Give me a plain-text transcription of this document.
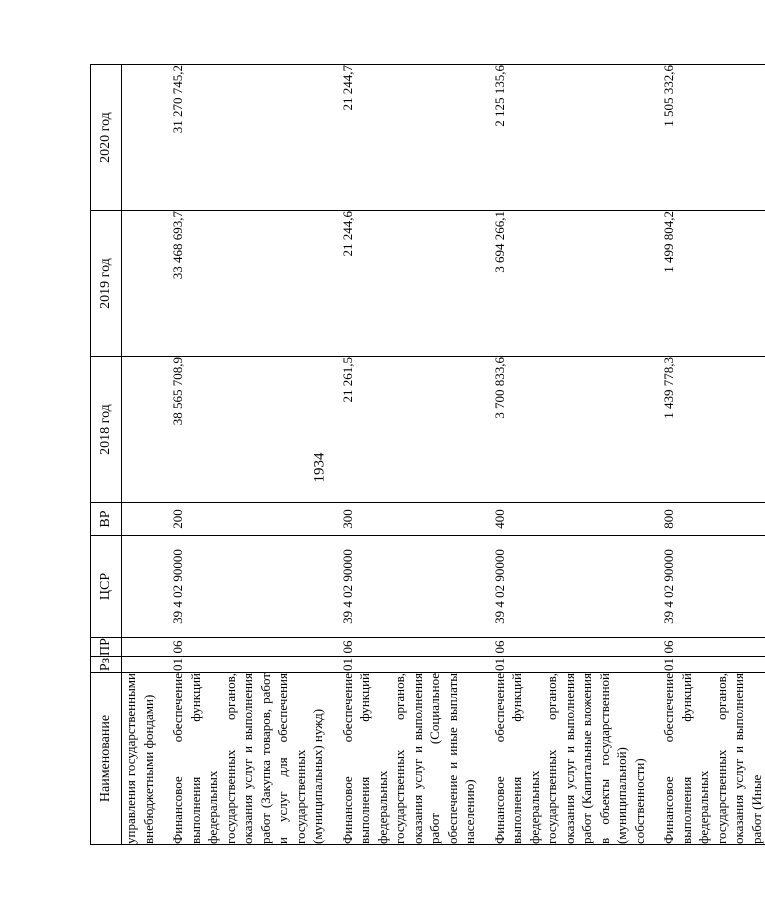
1934
Наименование	Рз	ПР	ЦСР	ВР	2018 год	2019 год	2020 год

управления государственными внебюджетными фондами)							

Финансовое обеспечение выполнения функций федеральных государственных органов, оказания услуг и выполнения работ (Закупка товаров, работ и услуг для обеспечения государственных (муниципальных) нужд)	01	06	39 4 02 90000	200	38 565 708,9	33 468 693,7	31 270 745,2

Финансовое обеспечение выполнения функций федеральных государственных органов, оказания услуг и выполнения работ (Социальное обеспечение и иные выплаты населению)	01	06	39 4 02 90000	300	21 261,5	21 244,6	21 244,7

Финансовое обеспечение выполнения функций федеральных государственных органов, оказания услуг и выполнения работ (Капитальные вложения в объекты государственной (муниципальной) собственности)	01	06	39 4 02 90000	400	3 700 833,6	3 694 266,1	2 125 135,6

Финансовое обеспечение выполнения функций федеральных государственных органов, оказания услуг и выполнения работ (Иные	01	06	39 4 02 90000	800	1 439 778,3	1 499 804,2	1 505 332,6
